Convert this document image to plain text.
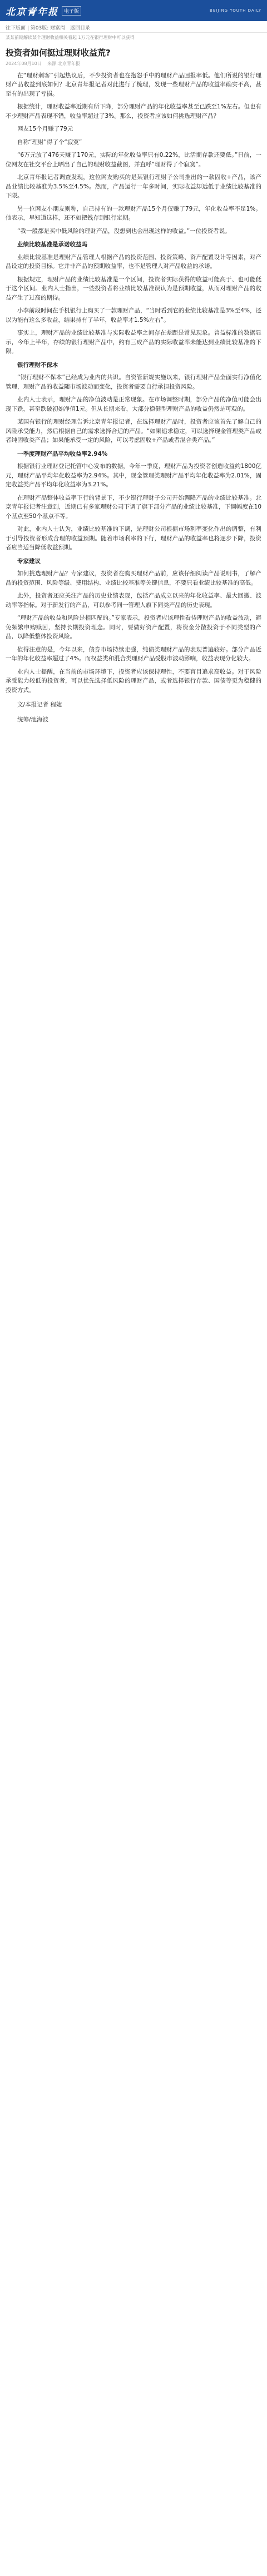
北京青年报	电子版	BEIJING YOUTH DAILY
往下版面 | 第03版: 财富周 返回目录
某某前期解读某个理财收益相关看起 1万元在银行理财中可以获得
投资者如何挺过理财收益荒?
2024年08月10日 来源:北京青年报

在“理财刺客”引起热议后，不少投资者也在抱怨手中的理财产品回报率低。他们所说的银行理财产品收益到底如何？北京青年报记者对此进行了梳理，发现一些理财产品的收益率确实不高，甚至有的出现了亏损。

根据统计，理财收益率近期有所下降，部分理财产品的年化收益率甚至已跌至1%左右。但也有不少理财产品表现不错，收益率超过了3%。那么，投资者应该如何挑选理财产品？

网友15个月赚了79元

自称“理财”得了个“寂寞”

“6万元放了476天赚了170元，实际的年化收益率只有0.22%，比活期存款还要低。”日前，一位网友在社交平台上晒出了自己的理财收益截图，并直呼“理财得了个寂寞”。

北京青年报记者调查发现，这位网友购买的是某银行理财子公司推出的一款固收+产品，该产品业绩比较基准为3.5%至4.5%。然而，产品运行一年多时间，实际收益却远低于业绩比较基准的下限。

另一位网友小朋友则称，自己持有的一款理财产品15个月仅赚了79元，年化收益率不足1%。他表示，早知道这样，还不如把钱存到银行定期。

“我一般都是买中低风险的理财产品，没想到也会出现这样的收益。”一位投资者说。

业绩比较基准是承诺收益吗

业绩比较基准是理财产品管理人根据产品的投资范围、投资策略、资产配置设计等因素，对产品设定的投资目标。它并非产品的预期收益率，也不是管理人对产品收益的承诺。

根据规定，理财产品的业绩比较基准是一个区间，投资者实际获得的收益可能高于、也可能低于这个区间。业内人士指出，一些投资者将业绩比较基准误认为是预期收益，从而对理财产品的收益产生了过高的期待。

小李前段时间在手机银行上购买了一款理财产品，“当时看到它的业绩比较基准是3%至4%，还以为能有这么多收益，结果持有了半年，收益率才1.5%左右”。

事实上，理财产品的业绩比较基准与实际收益率之间存在差距是常见现象。普益标准的数据显示，今年上半年，存续的银行理财产品中，约有三成产品的实际收益率未能达到业绩比较基准的下限。

银行理财不保本

“银行理财不保本”已经成为业内的共识。自资管新规实施以来，银行理财产品全面实行净值化管理，理财产品的收益随市场波动而变化，投资者需要自行承担投资风险。

业内人士表示，理财产品的净值波动是正常现象。在市场调整时期，部分产品的净值可能会出现下跌，甚至跌破初始净值1元。但从长期来看，大部分稳健型理财产品的收益仍然是可观的。

某国有银行的理财经理告诉北京青年报记者，在选择理财产品时，投资者应该首先了解自己的风险承受能力，然后根据自己的需求选择合适的产品。“如果追求稳定，可以选择现金管理类产品或者纯固收类产品；如果能承受一定的风险，可以考虑固收+产品或者混合类产品。”

一季度理财产品平均收益率2.94%

根据银行业理财登记托管中心发布的数据，今年一季度，理财产品为投资者创造收益约1800亿元，理财产品平均年化收益率为2.94%。其中，现金管理类理财产品平均年化收益率为2.01%，固定收益类产品平均年化收益率为3.21%。

在理财产品整体收益率下行的背景下，不少银行理财子公司开始调降产品的业绩比较基准。北京青年报记者注意到，近期已有多家理财公司下调了旗下部分产品的业绩比较基准，下调幅度在10个基点至50个基点不等。

对此，业内人士认为，业绩比较基准的下调，是理财公司根据市场利率变化作出的调整，有利于引导投资者形成合理的收益预期。随着市场利率的下行，理财产品的收益率也将逐步下降，投资者应当适当降低收益预期。

专家建议

如何挑选理财产品？专家建议，投资者在购买理财产品前，应该仔细阅读产品说明书，了解产品的投资范围、风险等级、费用结构、业绩比较基准等关键信息，不要只看业绩比较基准的高低。

此外，投资者还应关注产品的历史业绩表现，包括产品成立以来的年化收益率、最大回撤、波动率等指标。对于新发行的产品，可以参考同一管理人旗下同类产品的历史表现。

“理财产品的收益和风险是相匹配的。”专家表示，投资者应该理性看待理财产品的收益波动，避免频繁申购赎回，坚持长期投资理念。同时，要做好资产配置，将资金分散投资于不同类型的产品，以降低整体投资风险。

值得注意的是，今年以来，债券市场持续走强，纯债类理财产品的表现普遍较好。部分产品近一年的年化收益率超过了4%。而权益类和混合类理财产品受股市波动影响，收益表现分化较大。

业内人士提醒，在当前的市场环境下，投资者应该保持理性，不要盲目追求高收益。对于风险承受能力较低的投资者，可以优先选择低风险的理财产品，或者选择银行存款、国债等更为稳健的投资方式。

文/本报记者 程婕
统筹/池海波
